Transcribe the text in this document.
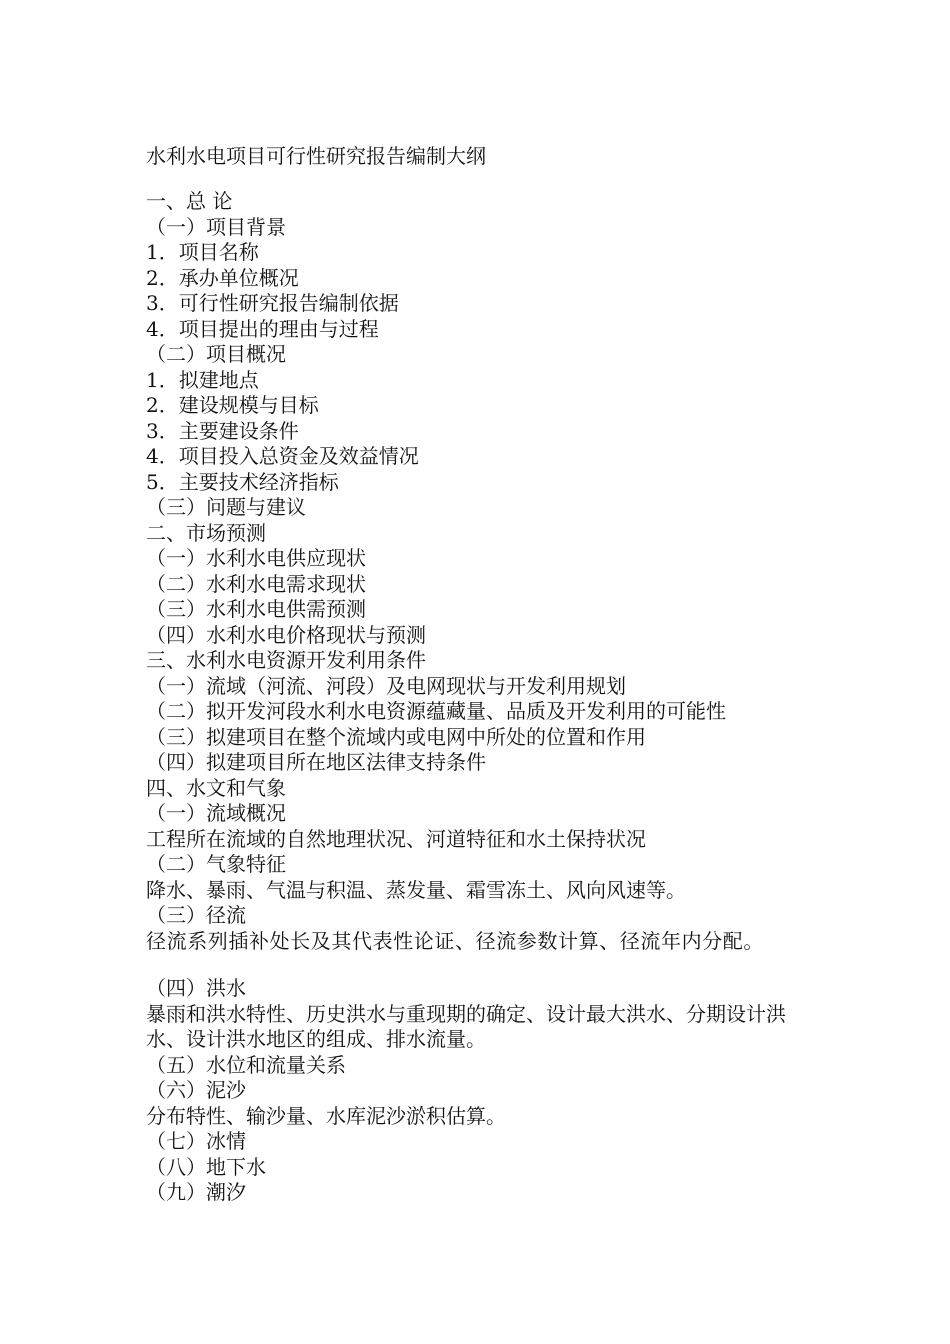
水利水电项目可行性研究报告编制大纲
一、总 论
（一）项目背景
1．项目名称
2．承办单位概况
3．可行性研究报告编制依据
4．项目提出的理由与过程
（二）项目概况
1．拟建地点
2．建设规模与目标
3．主要建设条件
4．项目投入总资金及效益情况
5．主要技术经济指标
（三）问题与建议
二、市场预测
（一）水利水电供应现状
（二）水利水电需求现状
（三）水利水电供需预测
（四）水利水电价格现状与预测
三、水利水电资源开发利用条件
（一）流域（河流、河段）及电网现状与开发利用规划
（二）拟开发河段水利水电资源蕴藏量、品质及开发利用的可能性
（三）拟建项目在整个流域内或电网中所处的位置和作用
（四）拟建项目所在地区法律支持条件
四、水文和气象
（一）流域概况
工程所在流域的自然地理状况、河道特征和水土保持状况
（二）气象特征
降水、暴雨、气温与积温、蒸发量、霜雪冻土、风向风速等。
（三）径流
径流系列插补处长及其代表性论证、径流参数计算、径流年内分配。
（四）洪水
暴雨和洪水特性、历史洪水与重现期的确定、设计最大洪水、分期设计洪水、设计洪水地区的组成、排水流量。
（五）水位和流量关系
（六）泥沙
分布特性、输沙量、水库泥沙淤积估算。
（七）冰情
（八）地下水
（九）潮汐
